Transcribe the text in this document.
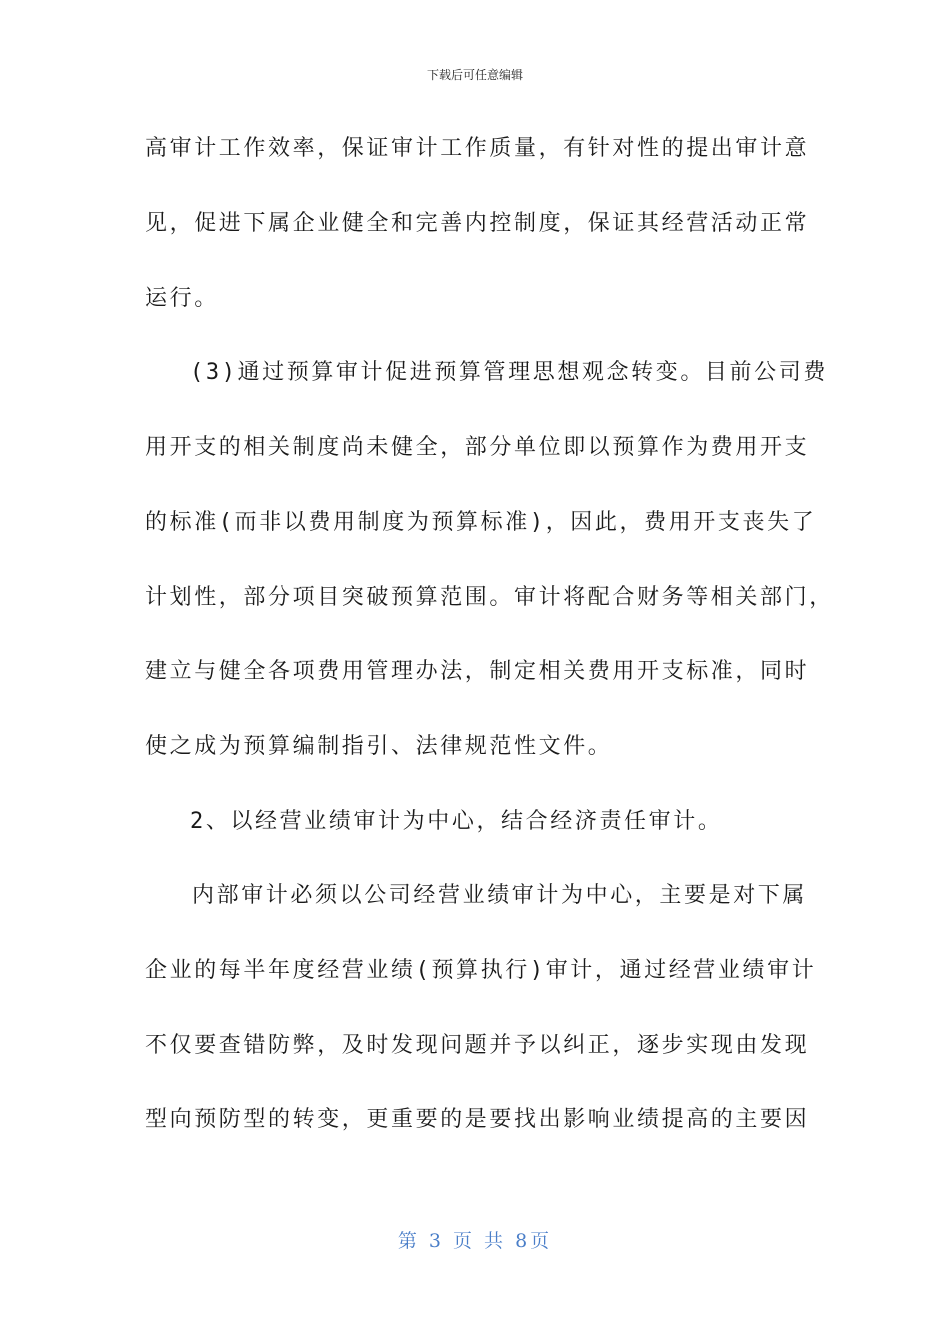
下载后可任意编辑
高审计工作效率，保证审计工作质量，有针对性的提出审计意
见，促进下属企业健全和完善内控制度，保证其经营活动正常
运行。
(3)通过预算审计促进预算管理思想观念转变。目前公司费
用开支的相关制度尚未健全，部分单位即以预算作为费用开支
的标准(而非以费用制度为预算标准)，因此，费用开支丧失了
计划性，部分项目突破预算范围。审计将配合财务等相关部门，
建立与健全各项费用管理办法，制定相关费用开支标准，同时
使之成为预算编制指引、法律规范性文件。
2、以经营业绩审计为中心，结合经济责任审计。
内部审计必须以公司经营业绩审计为中心，主要是对下属
企业的每半年度经营业绩(预算执行)审计，通过经营业绩审计
不仅要查错防弊，及时发现问题并予以纠正，逐步实现由发现
型向预防型的转变，更重要的是要找出影响业绩提高的主要因
第 3 页 共 8页
